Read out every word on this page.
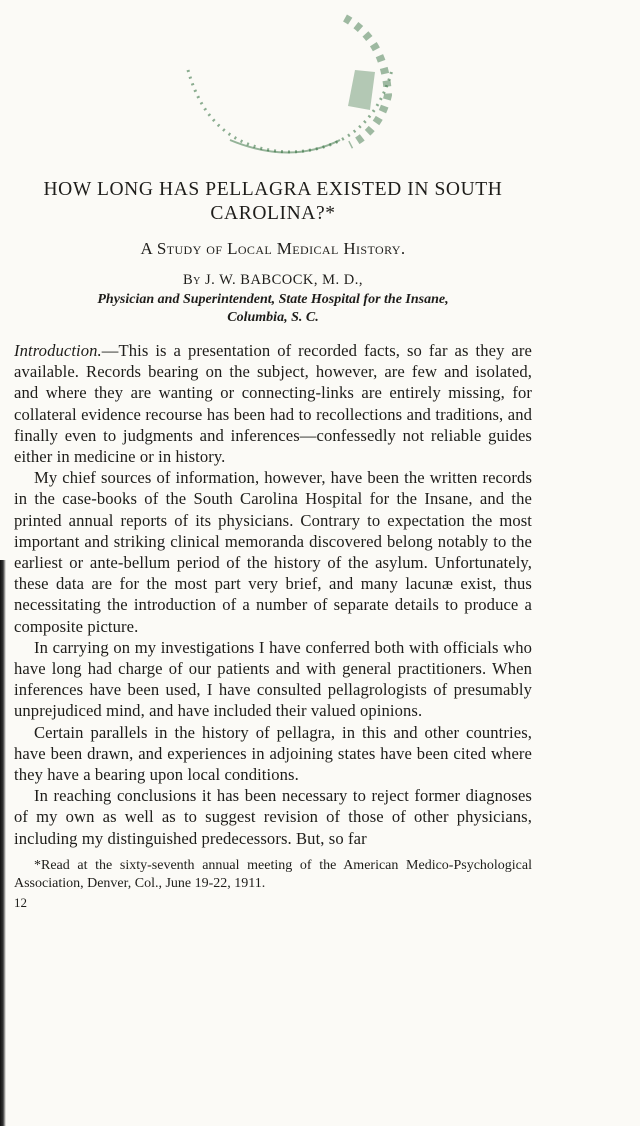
HOW LONG HAS PELLAGRA EXISTED IN SOUTH CAROLINA?*
A Study of Local Medical History.
By J. W. BABCOCK, M. D.,
Physician and Superintendent, State Hospital for the Insane,
Columbia, S. C.

Introduction.—This is a presentation of recorded facts, so far as they are available. Records bearing on the subject, however, are few and isolated, and where they are wanting or connecting-links are entirely missing, for collateral evidence recourse has been had to recollections and traditions, and finally even to judgments and inferences—confessedly not reliable guides either in medicine or in history.

My chief sources of information, however, have been the written records in the case-books of the South Carolina Hospital for the Insane, and the printed annual reports of its physicians. Contrary to expectation the most important and striking clinical memoranda discovered belong notably to the earliest or ante-bellum period of the history of the asylum. Unfortunately, these data are for the most part very brief, and many lacunæ exist, thus necessitating the introduction of a number of separate details to produce a composite picture.

In carrying on my investigations I have conferred both with officials who have long had charge of our patients and with general practitioners. When inferences have been used, I have consulted pellagrologists of presumably unprejudiced mind, and have included their valued opinions.

Certain parallels in the history of pellagra, in this and other countries, have been drawn, and experiences in adjoining states have been cited where they have a bearing upon local conditions.

In reaching conclusions it has been necessary to reject former diagnoses of my own as well as to suggest revision of those of other physicians, including my distinguished predecessors. But, so far

*Read at the sixty-seventh annual meeting of the American Medico-Psychological Association, Denver, Col., June 19-22, 1911.
12
